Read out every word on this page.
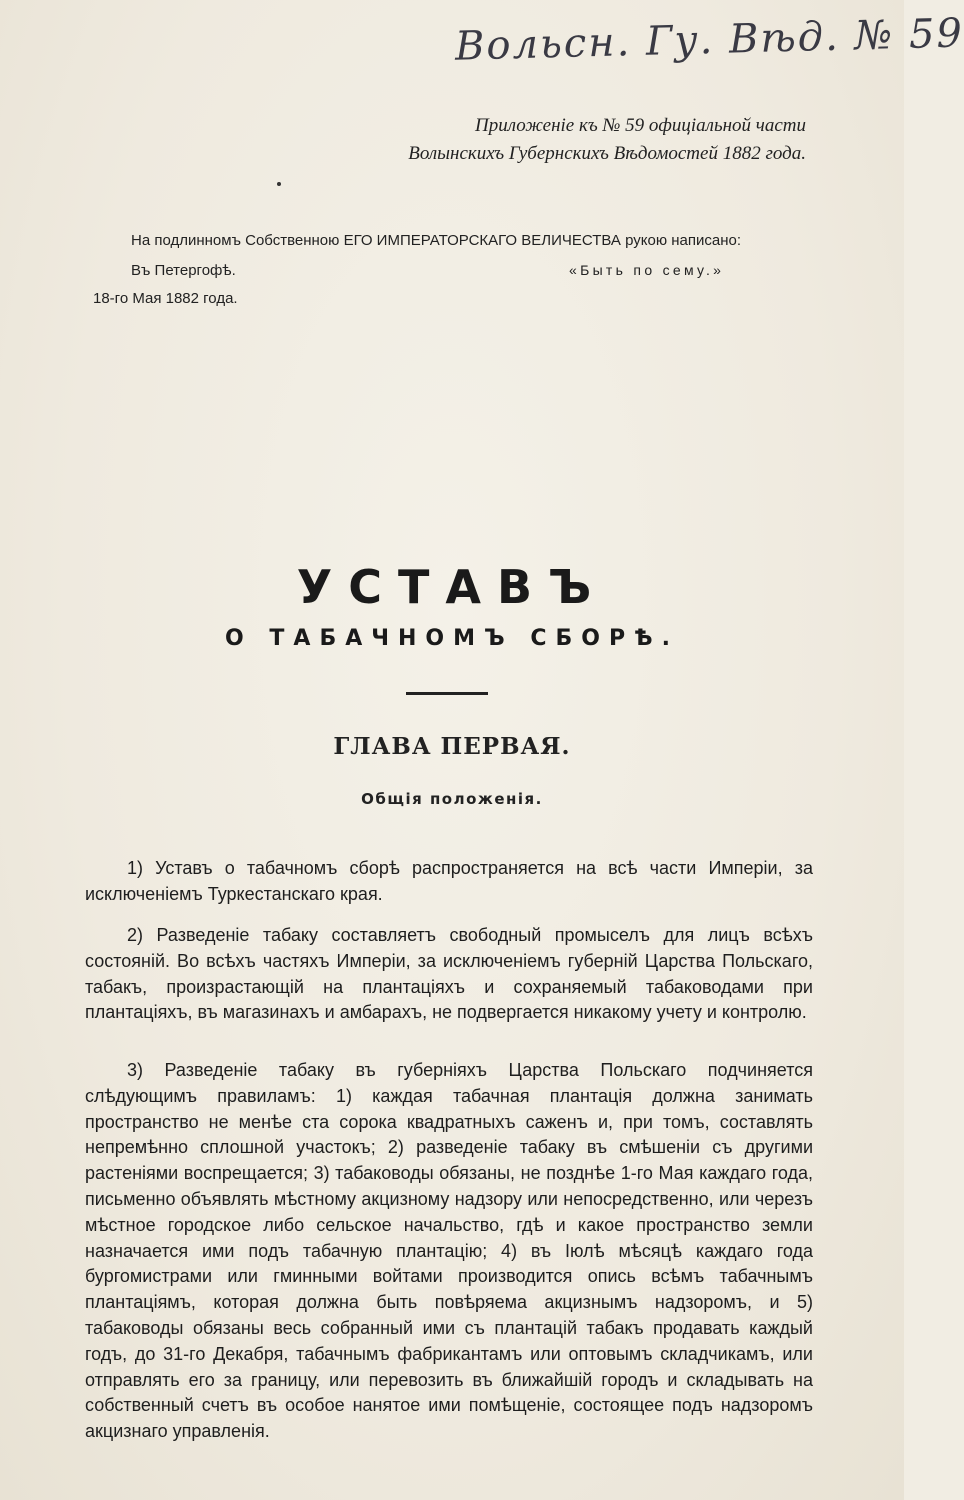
Вольсн. Гу. Вѣд. № 59
Приложеніе къ № 59 офиціальной части
Волынскихъ Губернскихъ Вѣдомостей 1882 года.
На подлинномъ Собственною ЕГО ИМПЕРАТОРСКАГО ВЕЛИЧЕСТВА рукою написано:
Въ Петергофѣ.	«Быть по сему.»
18-го Мая 1882 года.
УСТАВЪ
О ТАБАЧНОМЪ СБОРѢ.
ГЛАВА ПЕРВАЯ.
Общія положенія.

1) Уставъ о табачномъ сборѣ распространяется на всѣ части Имперіи, за исключеніемъ Туркестанскаго края.

2) Разведеніе табаку составляетъ свободный промыселъ для лицъ всѣхъ состояній. Во всѣхъ частяхъ Имперіи, за исключеніемъ губерній Царства Польскаго, табакъ, произрастающій на плантаціяхъ и сохраняемый табаководами при плантаціяхъ, въ магазинахъ и амбарахъ, не подвергается никакому учету и контролю.

3) Разведеніе табаку въ губерніяхъ Царства Польскаго подчиняется слѣдующимъ правиламъ: 1) каждая табачная плантація должна занимать пространство не менѣе ста сорока квадратныхъ саженъ и, при томъ, составлять непремѣнно сплошной участокъ; 2) разведеніе табаку въ смѣшеніи съ другими растеніями воспрещается; 3) табаководы обязаны, не позднѣе 1-го Мая каждаго года, письменно объявлять мѣстному акцизному надзору или непосредственно, или черезъ мѣстное городское либо сельское начальство, гдѣ и какое пространство земли назначается ими подъ табачную плантацію; 4) въ Іюлѣ мѣсяцѣ каждаго года бургомистрами или гминными войтами производится опись всѣмъ табачнымъ плантаціямъ, которая должна быть повѣряема акцизнымъ надзоромъ, и 5) табаководы обязаны весь собранный ими съ плантацій табакъ продавать каждый годъ, до 31-го Декабря, табачнымъ фабрикантамъ или оптовымъ складчикамъ, или отправлять его за границу, или перевозить въ ближайшій городъ и складывать на собственный счетъ въ особое нанятое ими помѣщеніе, состоящее подъ надзоромъ акцизнаго управленія.
